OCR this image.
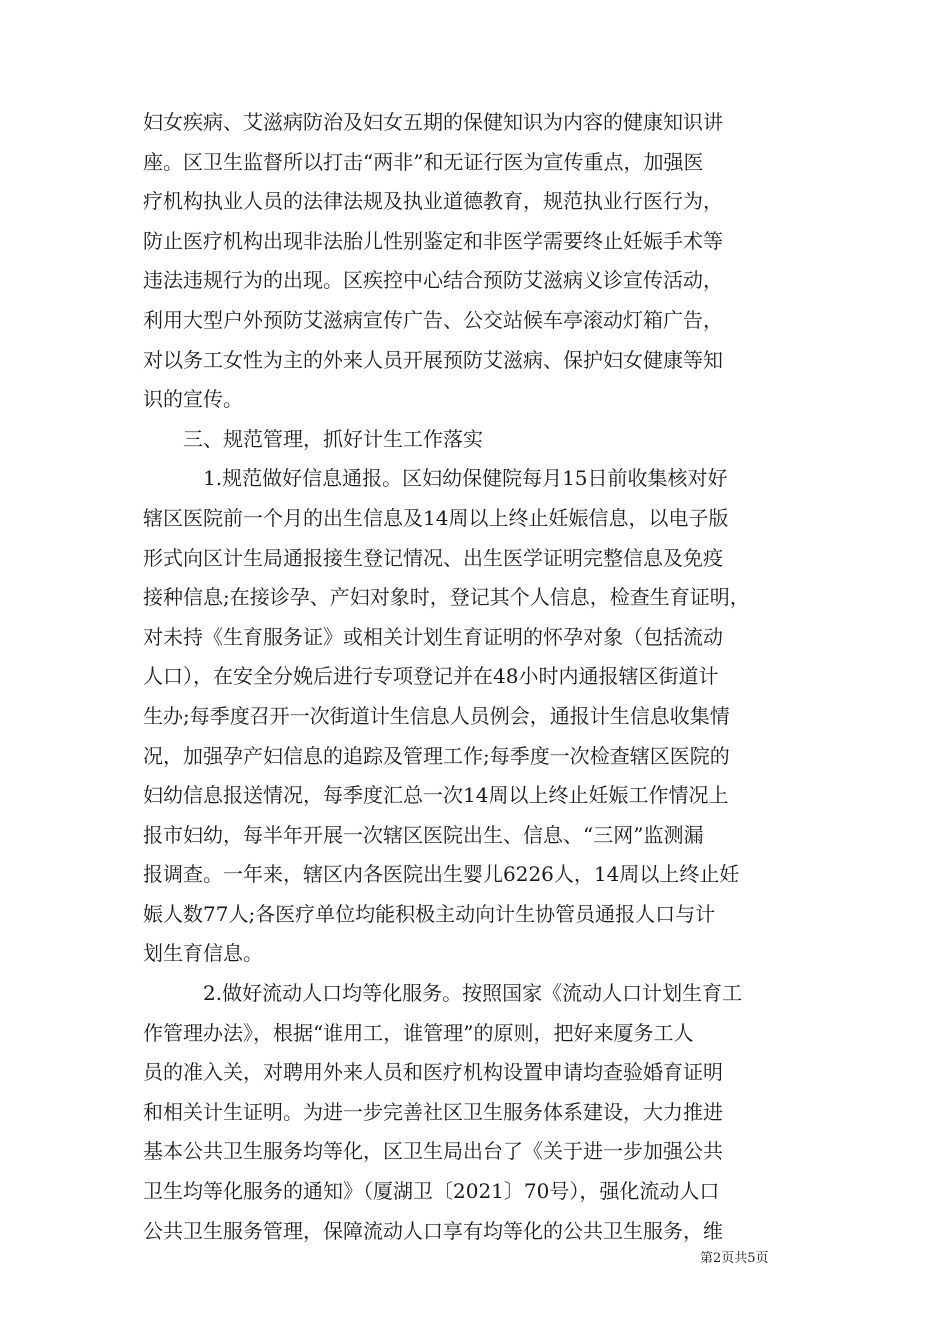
妇女疾病、艾滋病防治及妇女五期的保健知识为内容的健康知识讲
座。区卫生监督所以打击“两非”和无证行医为宣传重点，加强医
疗机构执业人员的法律法规及执业道德教育，规范执业行医行为，
防止医疗机构出现非法胎儿性别鉴定和非医学需要终止妊娠手术等
违法违规行为的出现。区疾控中心结合预防艾滋病义诊宣传活动，
利用大型户外预防艾滋病宣传广告、公交站候车亭滚动灯箱广告，
对以务工女性为主的外来人员开展预防艾滋病、保护妇女健康等知
识的宣传。
三、规范管理，抓好计生工作落实
1.规范做好信息通报。区妇幼保健院每月15日前收集核对好
辖区医院前一个月的出生信息及14周以上终止妊娠信息，以电子版
形式向区计生局通报接生登记情况、出生医学证明完整信息及免疫
接种信息;在接诊孕、产妇对象时，登记其个人信息，检查生育证明，
对未持《生育服务证》或相关计划生育证明的怀孕对象（包括流动
人口），在安全分娩后进行专项登记并在48小时内通报辖区街道计
生办;每季度召开一次街道计生信息人员例会，通报计生信息收集情
况，加强孕产妇信息的追踪及管理工作;每季度一次检查辖区医院的
妇幼信息报送情况，每季度汇总一次14周以上终止妊娠工作情况上
报市妇幼，每半年开展一次辖区医院出生、信息、“三网”监测漏
报调查。一年来，辖区内各医院出生婴儿6226人，14周以上终止妊
娠人数77人;各医疗单位均能积极主动向计生协管员通报人口与计
划生育信息。
2.做好流动人口均等化服务。按照国家《流动人口计划生育工
作管理办法》，根据“谁用工，谁管理”的原则，把好来厦务工人
员的准入关，对聘用外来人员和医疗机构设置申请均查验婚育证明
和相关计生证明。为进一步完善社区卫生服务体系建设，大力推进
基本公共卫生服务均等化，区卫生局出台了《关于进一步加强公共
卫生均等化服务的通知》（厦湖卫〔2021〕70号），强化流动人口
公共卫生服务管理，保障流动人口享有均等化的公共卫生服务，维
第2页共5页
